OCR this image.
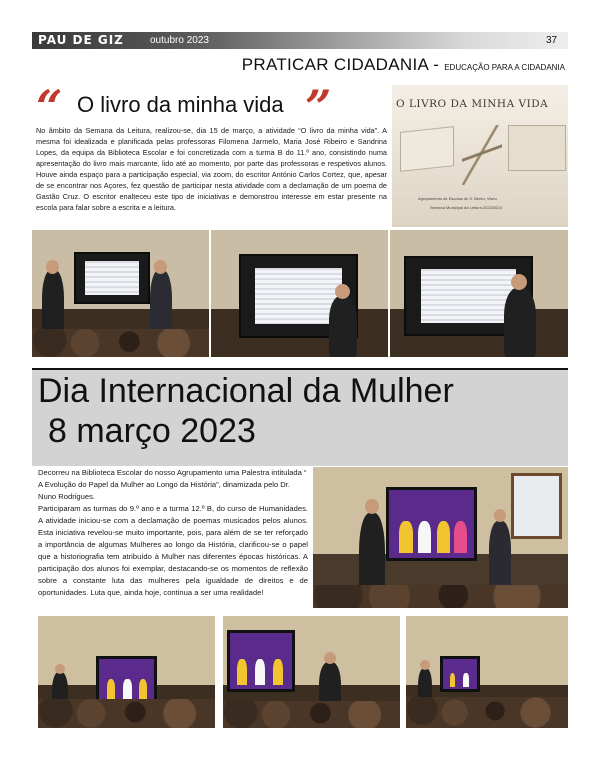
PAU DE GIZ	outubro 2023	37
PRATICAR CIDADANIA - EDUCAÇÃO PARA A CIDADANIA
“ O livro da minha vida ”
No âmbito da Semana da Leitura, realizou-se, dia 15 de março, a atividade “O livro da minha vida”. A mesma foi idealizada e planificada pelas professoras Filomena Jarmelo, Maria José Ribeiro e Sandrina Lopes, da equipa da Biblioteca Escolar e foi concretizada com a turma B do 11.º ano, consistindo numa apresentação do livro mais marcante, lido até ao momento, por parte das professoras e respetivos alunos. Houve ainda espaço para a participação especial, via zoom, do escritor António Carlos Cortez, que, apesar de se encontrar nos Açores, fez questão de participar nesta atividade com a declamação de um poema de Gastão Cruz. O escritor enalteceu este tipo de iniciativas e demonstrou interesse em estar presente na escola para falar sobre a escrita e a leitura.
O LIVRO DA MINHA VIDA
Agrupamento de Escolas de S. Bento, Viseu
Semana Municipal da Leitura 2023/2024
Dia Internacional da Mulher
8 março 2023

Decorreu na Biblioteca Escolar do nosso Agrupamento uma Palestra intitulada “ A Evolução do Papel da Mulher ao Longo da História”, dinamizada pelo Dr. Nuno Rodrigues.

Participaram as turmas do 9.º ano e a turma 12.º B, do curso de Humanidades. A atividade iniciou-se com a declamação de poemas musicados pelos alunos. Esta iniciativa revelou-se muito importante, pois, para além de se ter reforçado a importância de algumas Mulheres ao longo da História, clarificou-se o papel que a historiografia tem atribuído à Mulher nas diferentes épocas históricas. A participação dos alunos foi exemplar, destacando-se os momentos de reflexão sobre a constante luta das mulheres pela igualdade de direitos e de oportunidades. Luta que, ainda hoje, continua a ser uma realidade!
